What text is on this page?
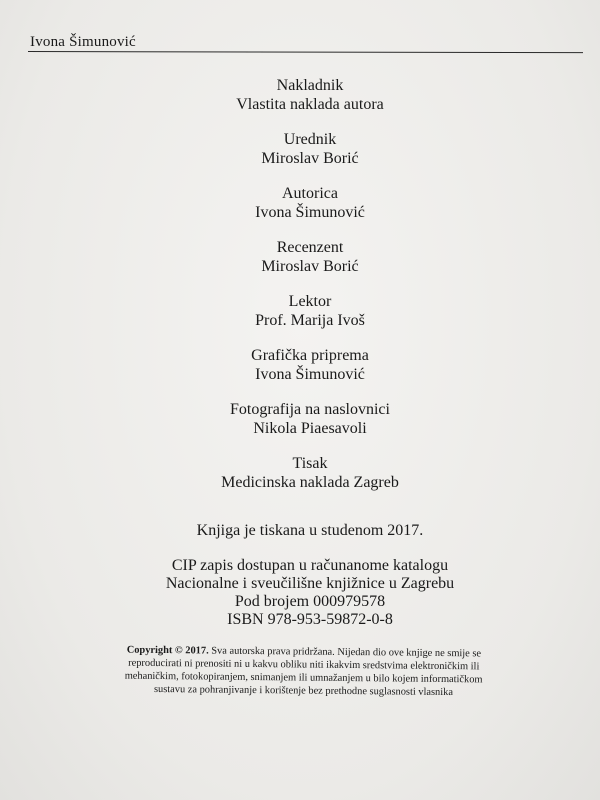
Ivona Šimunović
Nakladnik
Vlastita naklada autora
Urednik
Miroslav Borić
Autorica
Ivona Šimunović
Recenzent
Miroslav Borić
Lektor
Prof. Marija Ivoš
Grafička priprema
Ivona Šimunović
Fotografija na naslovnici
Nikola Piaesavoli
Tisak
Medicinska naklada Zagreb
Knjiga je tiskana u studenom 2017.
CIP zapis dostupan u računanome katalogu
Nacionalne i sveučilišne knjižnice u Zagrebu
Pod brojem 000979578
ISBN 978-953-59872-0-8
Copyright © 2017. Sva autorska prava pridržana. Nijedan dio ove knjige ne smije se
reproducirati ni prenositi ni u kakvu obliku niti ikakvim sredstvima elektroničkim ili
mehaničkim, fotokopiranjem, snimanjem ili umnažanjem u bilo kojem informatičkom
sustavu za pohranjivanje i korištenje bez prethodne suglasnosti vlasnika
